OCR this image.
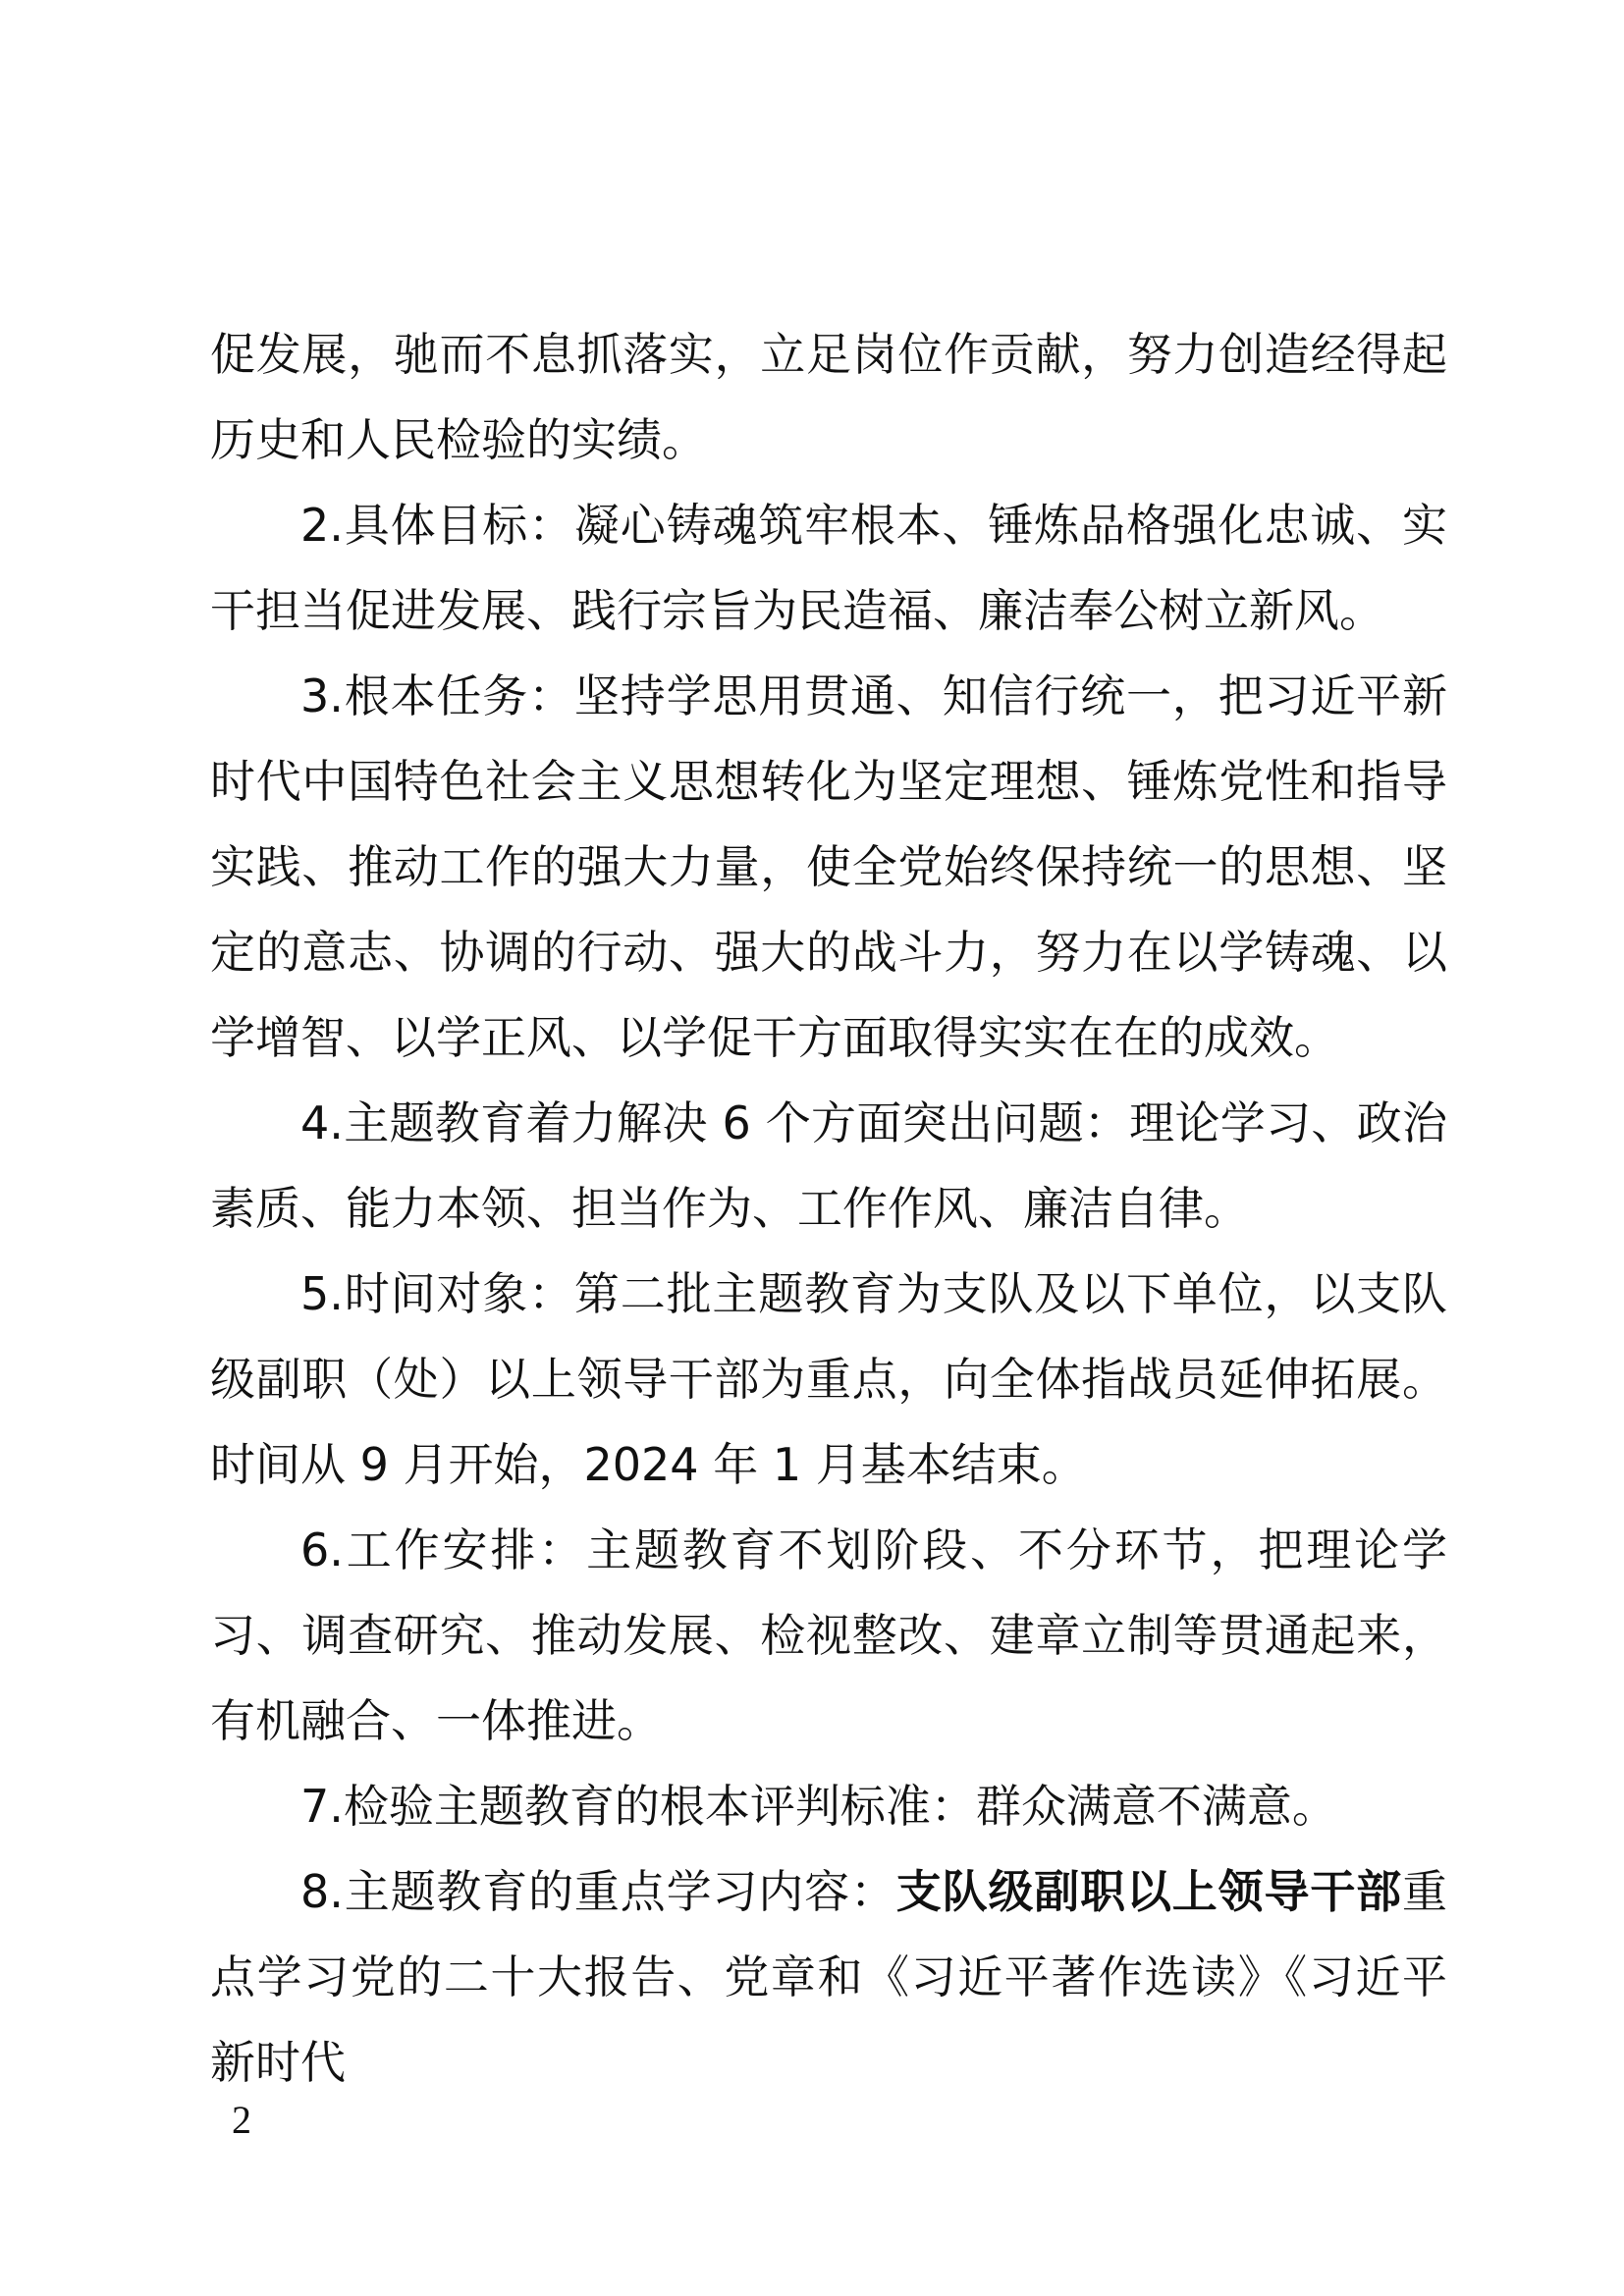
促发展，驰而不息抓落实，立足岗位作贡献，努力创造经得起历史和人民检验的实绩。

2.具体目标：凝心铸魂筑牢根本、锤炼品格强化忠诚、实干担当促进发展、践行宗旨为民造福、廉洁奉公树立新风。

3.根本任务：坚持学思用贯通、知信行统一，把习近平新时代中国特色社会主义思想转化为坚定理想、锤炼党性和指导实践、推动工作的强大力量，使全党始终保持统一的思想、坚定的意志、协调的行动、强大的战斗力，努力在以学铸魂、以学增智、以学正风、以学促干方面取得实实在在的成效。

4.主题教育着力解决 6 个方面突出问题：理论学习、政治素质、能力本领、担当作为、工作作风、廉洁自律。

5.时间对象：第二批主题教育为支队及以下单位，以支队级副职（处）以上领导干部为重点，向全体指战员延伸拓展。时间从 9 月开始，2024 年 1 月基本结束。

6.工作安排：主题教育不划阶段、不分环节，把理论学习、调查研究、推动发展、检视整改、建章立制等贯通起来，有机融合、一体推进。

7.检验主题教育的根本评判标准：群众满意不满意。

8.主题教育的重点学习内容：支队级副职以上领导干部重点学习党的二十大报告、党章和《习近平著作选读》《习近平新时代

2
